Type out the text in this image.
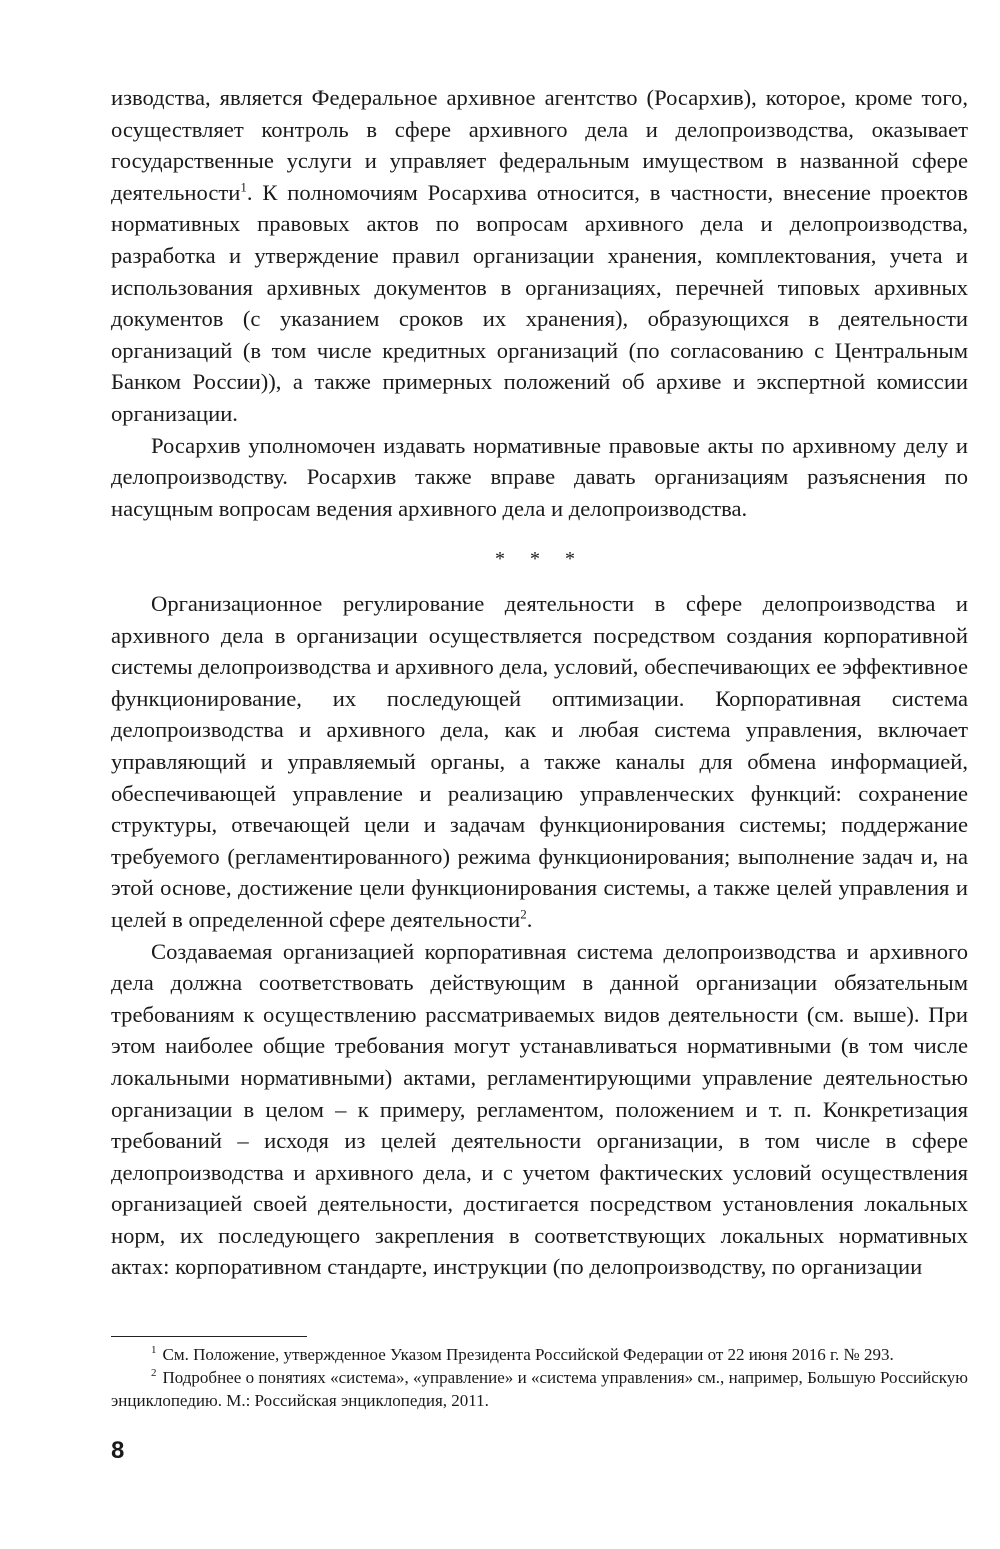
изводства, является Федеральное архивное агентство (Росархив), которое, кроме того, осуществляет контроль в сфере архивного дела и делопроизводства, оказывает государственные услуги и управляет федеральным имуществом в названной сфере деятельности$^1$. К полномочиям Росархива относится, в частности, внесение проектов нормативных правовых актов по вопросам архивного дела и делопроизводства, разработка и утверждение правил организации хранения, комплектования, учета и использования архивных документов в организациях, перечней типовых архивных документов (с указанием сроков их хранения), образующихся в деятельности организаций (в том числе кредитных организаций (по согласованию с Центральным Банком России)), а также примерных положений об архиве и экспертной комиссии организации.

Росархив уполномочен издавать нормативные правовые акты по архивному делу и делопроизводству. Росархив также вправе давать организациям разъяснения по насущным вопросам ведения архивного дела и делопроизводства.

* * *

Организационное регулирование деятельности в сфере делопроизводства и архивного дела в организации осуществляется посредством создания корпоративной системы делопроизводства и архивного дела, условий, обеспечивающих ее эффективное функционирование, их последующей оптимизации. Корпоративная система делопроизводства и архивного дела, как и любая система управления, включает управляющий и управляемый органы, а также каналы для обмена информацией, обеспечивающей управление и реализацию управленческих функций: сохранение структуры, отвечающей цели и задачам функционирования системы; поддержание требуемого (регламентированного) режима функционирования; выполнение задач и, на этой основе, достижение цели функционирования системы, а также целей управления и целей в определенной сфере деятельности$^2$.

Создаваемая организацией корпоративная система делопроизводства и архивного дела должна соответствовать действующим в данной организации обязательным требованиям к осуществлению рассматриваемых видов деятельности (см. выше). При этом наиболее общие требования могут устанавливаться нормативными (в том числе локальными нормативными) актами, регламентирующими управление деятельностью организации в целом – к примеру, регламентом, положением и т. п. Конкретизация требований – исходя из целей деятельности организации, в том числе в сфере делопроизводства и архивного дела, и с учетом фактических условий осуществления организацией своей деятельности, достигается посредством установления локальных норм, их последующего закрепления в соответствующих локальных нормативных актах: корпоративном стандарте, инструкции (по делопроизводству, по организации

$^1$ См. Положение, утвержденное Указом Президента Российской Федерации от 22 июня 2016 г. № 293.

$^2$ Подробнее о понятиях «система», «управление» и «система управления» см., например, Большую Российскую энциклопедию. М.: Российская энциклопедия, 2011.

8
